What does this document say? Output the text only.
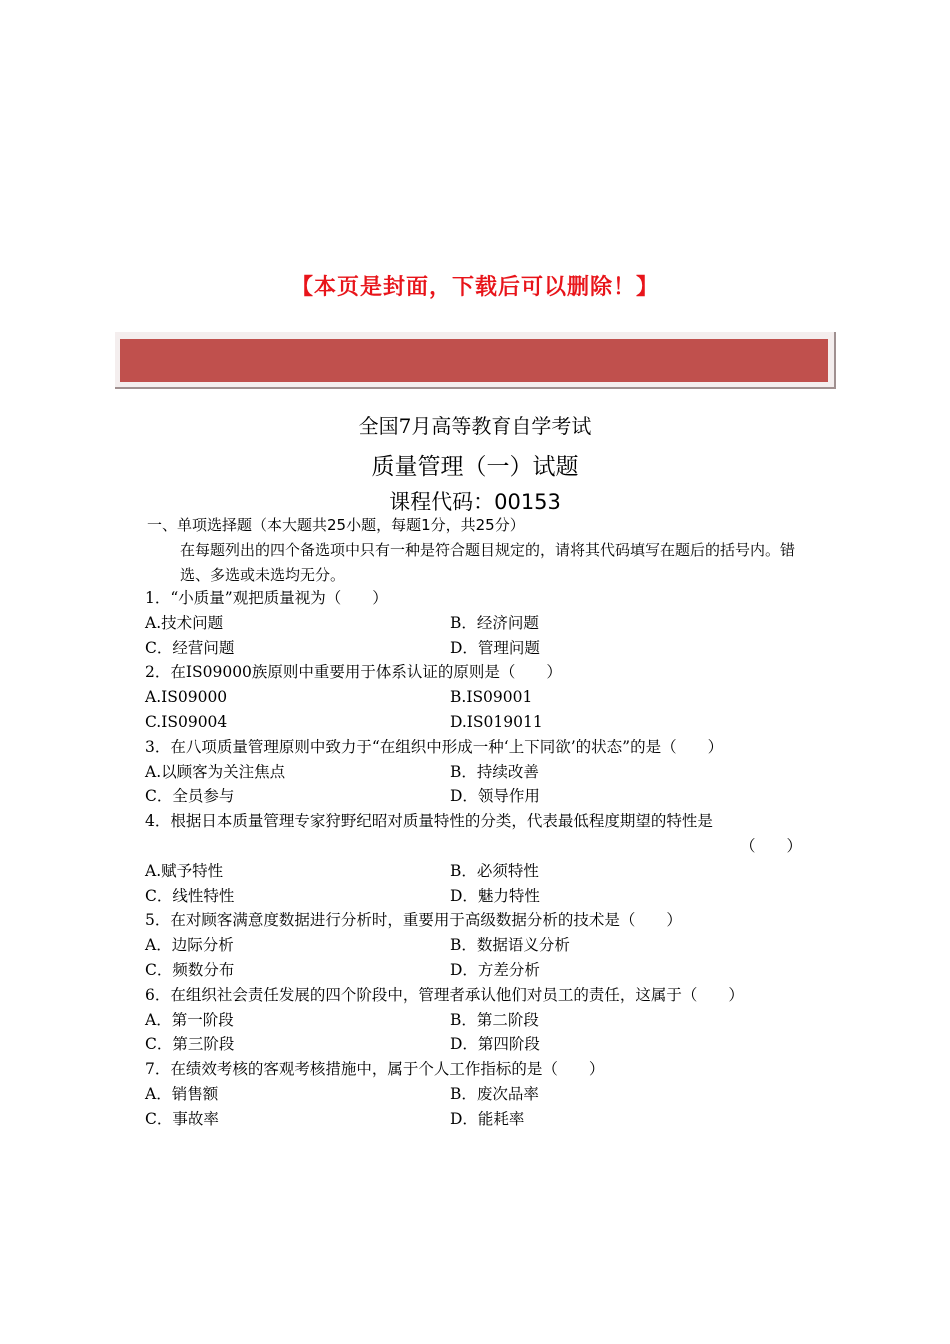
【本页是封面，下载后可以删除！】
全国7月高等教育自学考试
质量管理（一）试题
课程代码：00153
一、单项选择题（本大题共25小题，每题1分，共25分）
在每题列出的四个备选项中只有一种是符合题目规定的，请将其代码填写在题后的括号内。错选、多选或未选均无分。
1．“小质量”观把质量视为（　　）
A.技术问题	B．经济问题
C．经营问题	D．管理问题
2．在IS09000族原则中重要用于体系认证的原则是（　　）
A.IS09000	B.IS09001
C.IS09004	D.IS019011
3．在八项质量管理原则中致力于“在组织中形成一种‘上下同欲’的状态”的是（　　）
A.以顾客为关注焦点	B．持续改善
C．全员参与	D．领导作用
4．根据日本质量管理专家狩野纪昭对质量特性的分类，代表最低程度期望的特性是
（　　）
A.赋予特性	B．必须特性
C．线性特性	D．魅力特性
5．在对顾客满意度数据进行分析时，重要用于高级数据分析的技术是（　　）
A．边际分析	B．数据语义分析
C．频数分布	D．方差分析
6．在组织社会责任发展的四个阶段中，管理者承认他们对员工的责任，这属于（　　）
A．第一阶段	B．第二阶段
C．第三阶段	D．第四阶段
7．在绩效考核的客观考核措施中，属于个人工作指标的是（　　）
A．销售额	B．废次品率
C．事故率	D．能耗率
